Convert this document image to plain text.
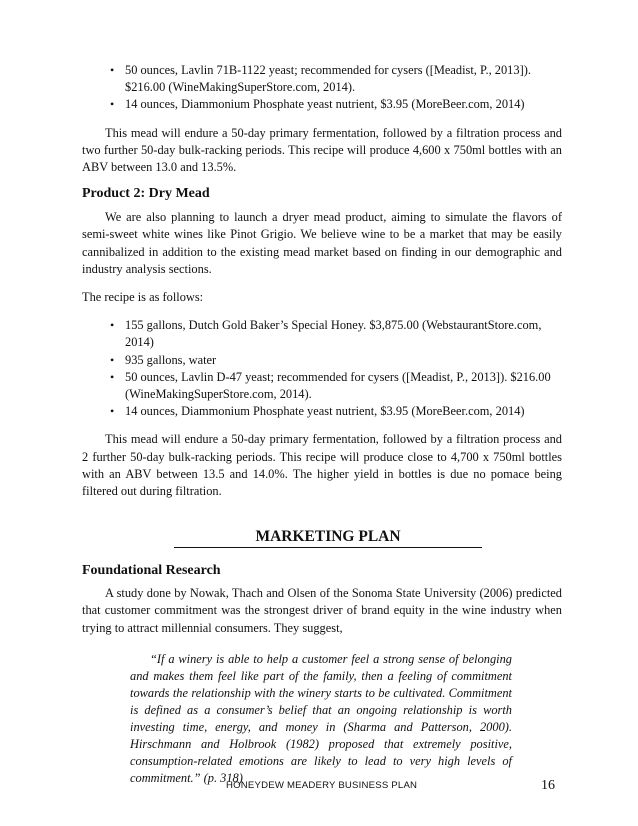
• 50 ounces, Lavlin 71B-1122 yeast; recommended for cysers ([Meadist, P., 2013]). $216.00 (WineMakingSuperStore.com, 2014).
• 14 ounces, Diammonium Phosphate yeast nutrient, $3.95 (MoreBeer.com, 2014)

This mead will endure a 50-day primary fermentation, followed by a filtration process and two further 50-day bulk-racking periods. This recipe will produce 4,600 x 750ml bottles with an ABV between 13.0 and 13.5%.

Product 2: Dry Mead

We are also planning to launch a dryer mead product, aiming to simulate the flavors of semi-sweet white wines like Pinot Grigio. We believe wine to be a market that may be easily cannibalized in addition to the existing mead market based on finding in our demographic and industry analysis sections.

The recipe is as follows:

• 155 gallons, Dutch Gold Baker’s Special Honey. $3,875.00 (WebstaurantStore.com, 2014)
• 935 gallons, water
• 50 ounces, Lavlin D-47 yeast; recommended for cysers ([Meadist, P., 2013]). $216.00 (WineMakingSuperStore.com, 2014).
• 14 ounces, Diammonium Phosphate yeast nutrient, $3.95 (MoreBeer.com, 2014)

This mead will endure a 50-day primary fermentation, followed by a filtration process and 2 further 50-day bulk-racking periods. This recipe will produce close to 4,700 x 750ml bottles with an ABV between 13.5 and 14.0%. The higher yield in bottles is due no pomace being filtered out during filtration.

MARKETING PLAN
Foundational Research

A study done by Nowak, Thach and Olsen of the Sonoma State University (2006) predicted that customer commitment was the strongest driver of brand equity in the wine industry when trying to attract millennial consumers. They suggest,

“If a winery is able to help a customer feel a strong sense of belonging and makes them feel like part of the family, then a feeling of commitment towards the relationship with the winery starts to be cultivated. Commitment is defined as a consumer’s belief that an ongoing relationship is worth investing time, energy, and money in (Sharma and Patterson, 2000). Hirschmann and Holbrook (1982) proposed that extremely positive, consumption-related emotions are likely to lead to very high levels of commitment.” (p. 318)
HONEYDEW MEADERY BUSINESS PLAN	16
